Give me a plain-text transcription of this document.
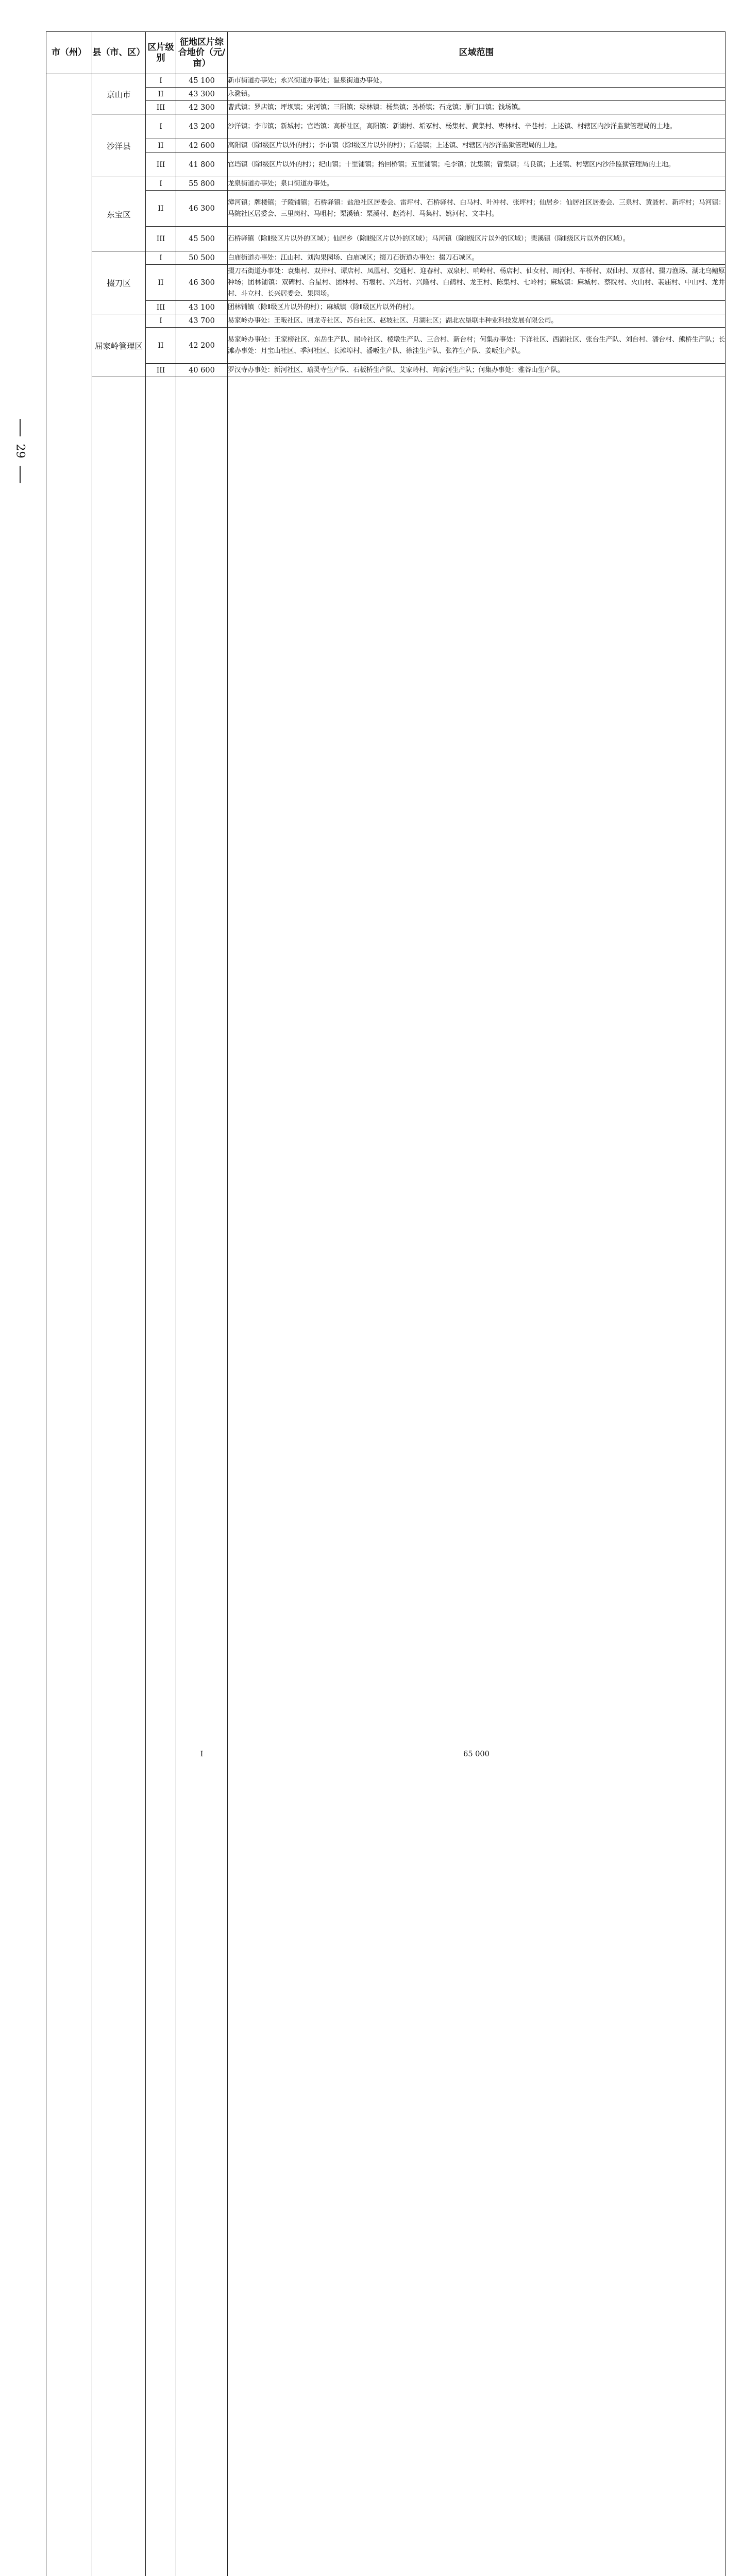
市（州）	县（市、区）	区片级别	征地区片综合地价（元/亩）	区域范围	
	京山市	I	45 100	新市街道办事处；永兴街道办事处；温泉街道办事处。	
		II	43 300	永漋镇。	
		III	42 300	曹武镇；罗店镇；坪坝镇；宋河镇；三阳镇；绿林镇；杨集镇；孙桥镇；石龙镇；雁门口镇；钱场镇。	
	沙洋县	I	43 200	沙洋镇；李市镇；新城村；官垱镇：高桥社区，高阳镇：新湖村、垢冢村、杨集村、黄集村、枣林村、辛巷村；上述镇、村辖区内沙洋监狱管理局的土地。	
		II	42 600	高阳镇（除Ⅰ级区片以外的村）；李市镇（除Ⅰ级区片以外的村）；后港镇；上述镇、村辖区内沙洋监狱管理局的土地。	
		III	41 800	官垱镇（除Ⅰ级区片以外的村）；纪山镇；十里铺镇；拾回桥镇；五里铺镇；毛李镇；沈集镇；曾集镇；马良镇；上述镇、村辖区内沙洋监狱管理局的土地。	
	东宝区	I	55 800	龙泉街道办事处；泉口街道办事处。	
		II	46 300	漳河镇；牌楼镇；子陵铺镇；石桥驿镇：盐池社区居委会、雷坪村、石桥驿村、白马村、叶冲村、张坪村；仙居乡：仙居社区居委会、三泉村、黄聂村、新坪村；马河镇：马院社区居委会、三里岗村、马咀村；栗溪镇：栗溪村、赵湾村、马集村、姚河村、文丰村。	
		III	45 500	石桥驿镇（除Ⅱ级区片以外的区域）；仙居乡（除Ⅱ级区片以外的区域）；马河镇（除Ⅱ级区片以外的区域）；栗溪镇（除Ⅱ级区片以外的区域）。	
	掇刀区	I	50 500	白庙街道办事处：江山村、刘沟果园场、白庙城区；掇刀石街道办事处：掇刀石城区。	
		II	46 300	掇刀石街道办事处：袁集村、双井村、谭店村、凤凰村、交通村、迎春村、双泉村、响岭村、杨店村、仙女村、周河村、车桥村、双仙村、双喜村、掇刀渔场、湖北乌鳢原种场；团林铺镇：双碑村、合星村、团林村、石堰村、兴垱村、兴隆村、白鹤村、龙王村、陈集村、七岭村；麻城镇：麻城村、蔡院村、火山村、裴庙村、中山村、龙井村、斗立村、长兴居委会、果园场。	
		III	43 100	团林铺镇（除Ⅱ级区片以外的村）；麻城镇（除Ⅱ级区片以外的村）。	
	屈家岭管理区	I	43 700	易家岭办事处：王畈社区、回龙寺社区、苏台社区、赵坡社区、月湖社区；湖北农垦联丰种业科技发展有限公司。	
		II	42 200	易家岭办事处：王家榜社区、东岳生产队、屈岭社区、棱墩生产队、三合村、新台村；何集办事处：下洋社区、西湖社区、张台生产队、刘台村、潘台村、熊桥生产队；长滩办事处：月宝山社区、季河社区、长滩埠村、潘畈生产队、徐洼生产队、张祚生产队、姜畈生产队。	
		III	40 600	罗汉寺办事处：新河社区、瑜灵寺生产队、石板桥生产队、艾家岭村、向家河生产队；何集办事处：雅谷山生产队。	
		I	65 000	

29
